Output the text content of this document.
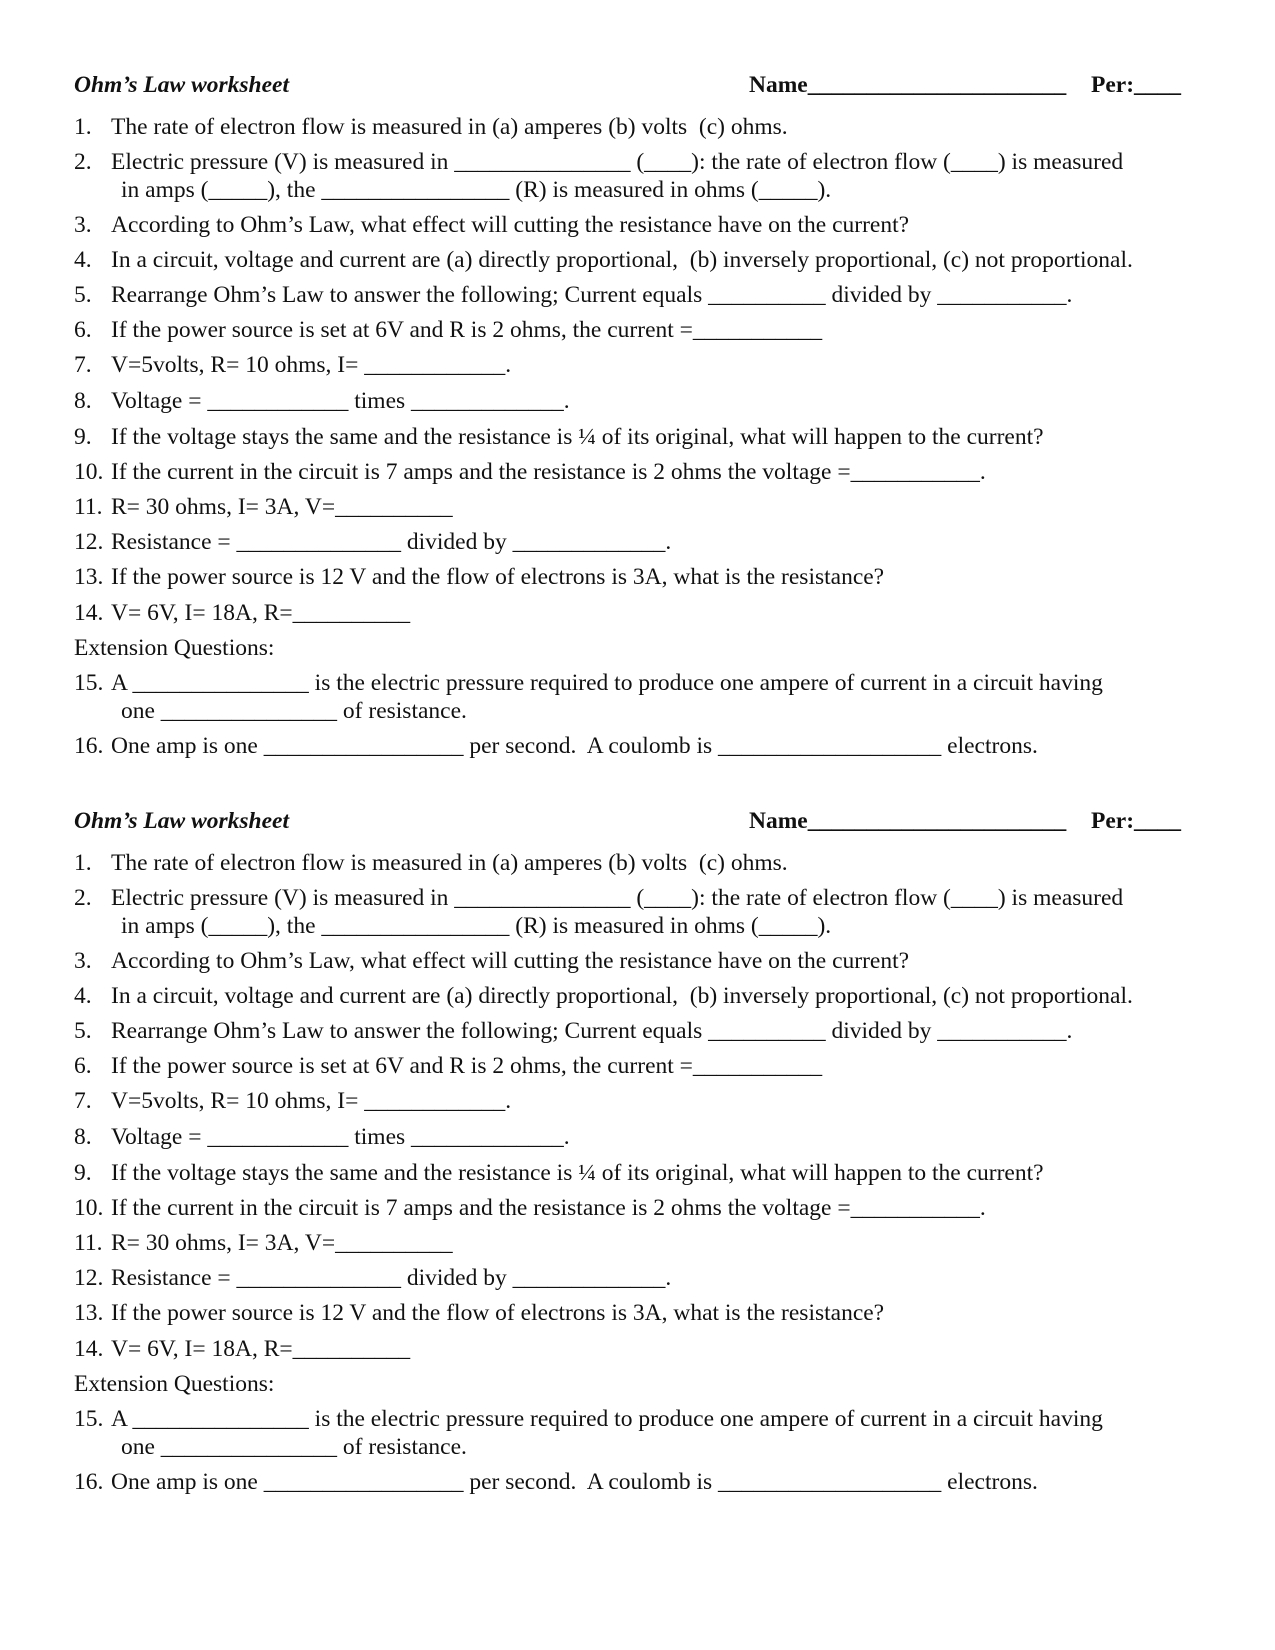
Ohm’s Law worksheet	Name______________________ Per:____
1. The rate of electron flow is measured in (a) amperes (b) volts  (c) ohms.
2. Electric pressure (V) is measured in _______________ (____): the rate of electron flow (____) is measured
in amps (_____), the ________________ (R) is measured in ohms (_____).
3. According to Ohm’s Law, what effect will cutting the resistance have on the current?
4. In a circuit, voltage and current are (a) directly proportional,  (b) inversely proportional, (c) not proportional.
5. Rearrange Ohm’s Law to answer the following; Current equals __________ divided by ___________.
6. If the power source is set at 6V and R is 2 ohms, the current =___________
7. V=5volts, R= 10 ohms, I= ____________.
8. Voltage = ____________ times _____________.
9. If the voltage stays the same and the resistance is ¼ of its original, what will happen to the current?
10. If the current in the circuit is 7 amps and the resistance is 2 ohms the voltage =___________.
11. R= 30 ohms, I= 3A, V=__________
12. Resistance = ______________ divided by _____________.
13. If the power source is 12 V and the flow of electrons is 3A, what is the resistance?
14. V= 6V, I= 18A, R=__________
Extension Questions:
15. A _______________ is the electric pressure required to produce one ampere of current in a circuit having
one _______________ of resistance.
16. One amp is one _________________ per second.  A coulomb is ___________________ electrons.
Ohm’s Law worksheet	Name______________________ Per:____
1. The rate of electron flow is measured in (a) amperes (b) volts  (c) ohms.
2. Electric pressure (V) is measured in _______________ (____): the rate of electron flow (____) is measured
in amps (_____), the ________________ (R) is measured in ohms (_____).
3. According to Ohm’s Law, what effect will cutting the resistance have on the current?
4. In a circuit, voltage and current are (a) directly proportional,  (b) inversely proportional, (c) not proportional.
5. Rearrange Ohm’s Law to answer the following; Current equals __________ divided by ___________.
6. If the power source is set at 6V and R is 2 ohms, the current =___________
7. V=5volts, R= 10 ohms, I= ____________.
8. Voltage = ____________ times _____________.
9. If the voltage stays the same and the resistance is ¼ of its original, what will happen to the current?
10. If the current in the circuit is 7 amps and the resistance is 2 ohms the voltage =___________.
11. R= 30 ohms, I= 3A, V=__________
12. Resistance = ______________ divided by _____________.
13. If the power source is 12 V and the flow of electrons is 3A, what is the resistance?
14. V= 6V, I= 18A, R=__________
Extension Questions:
15. A _______________ is the electric pressure required to produce one ampere of current in a circuit having
one _______________ of resistance.
16. One amp is one _________________ per second.  A coulomb is ___________________ electrons.
